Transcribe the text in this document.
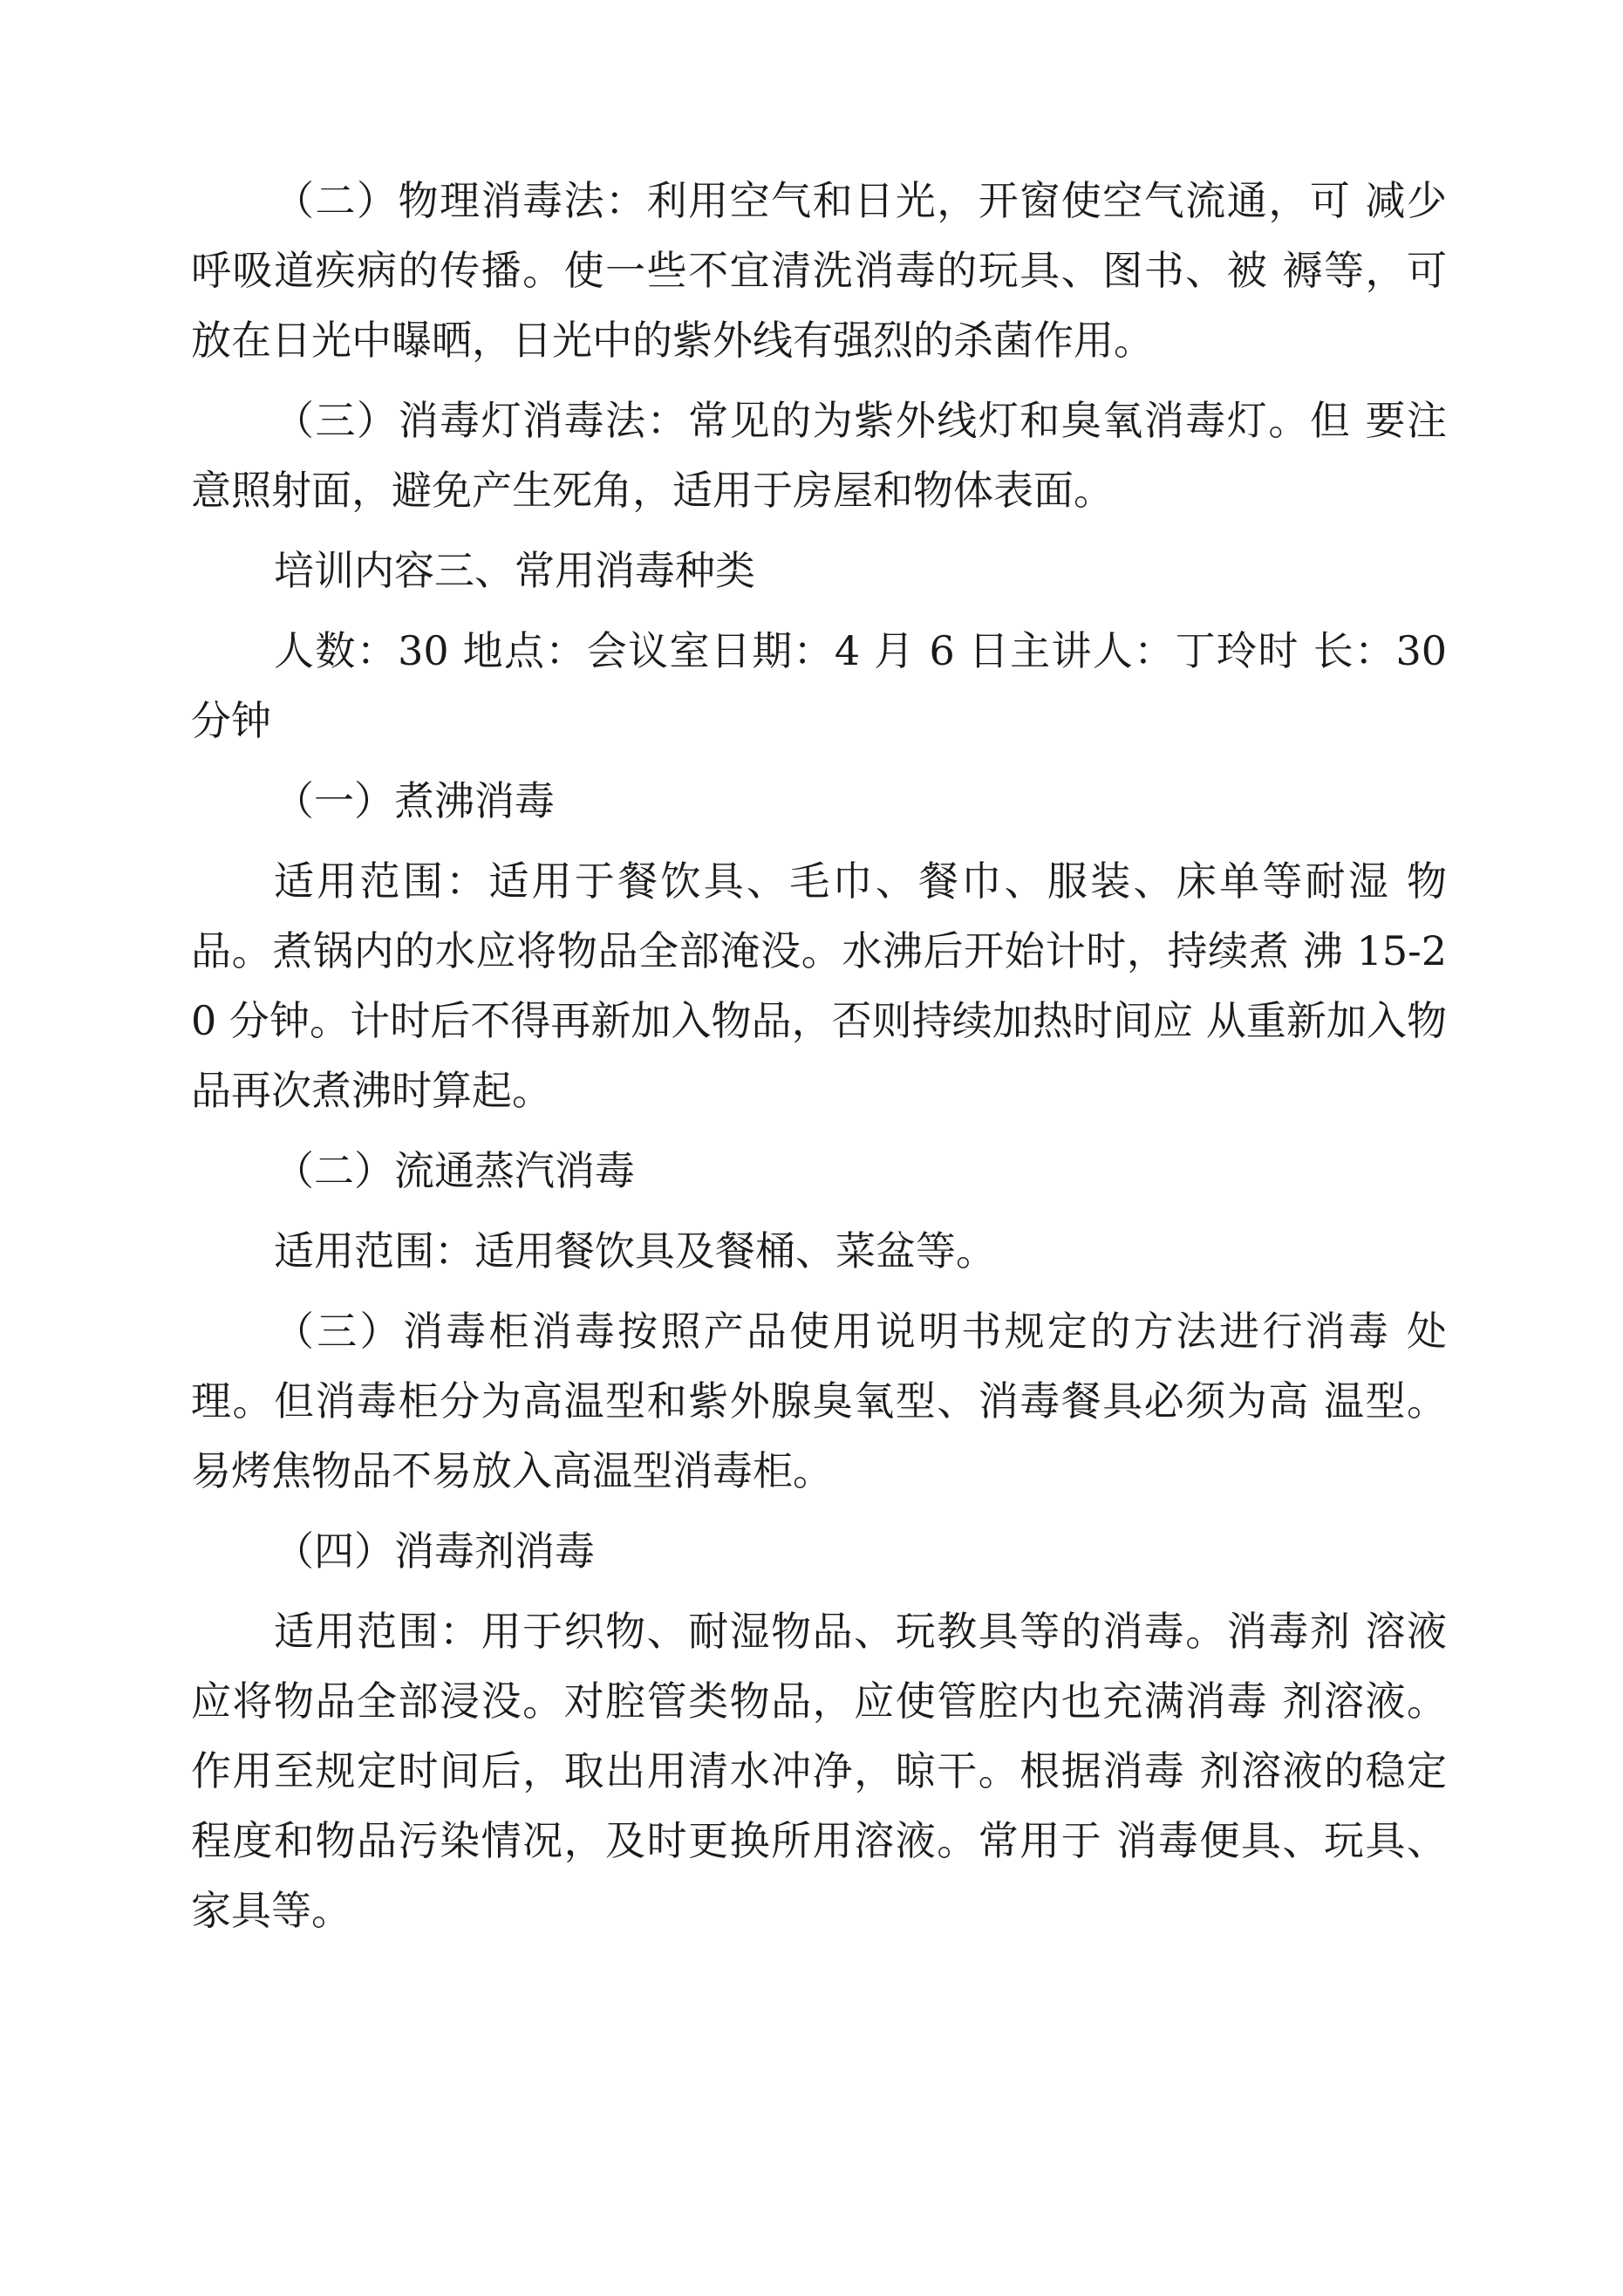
（二）物理消毒法：利用空气和日光，开窗使空气流通，可 减少呼吸道疾病的传播。使一些不宜清洗消毒的玩具、图书、被 褥等，可放在日光中曝晒，日光中的紫外线有强烈的杀菌作用。

（三）消毒灯消毒法：常见的为紫外线灯和臭氧消毒灯。但 要注意照射面，避免产生死角，适用于房屋和物体表面。

培训内容三、常用消毒种类

人数：30 地点：会议室日期：4 月 6 日主讲人：丁玲时 长：30 分钟

（一）煮沸消毒

适用范围：适用于餐饮具、毛巾、餐巾、服装、床单等耐湿 物品。煮锅内的水应将物品全部淹没。水沸后开始计时，持续煮 沸 15-20 分钟。计时后不得再新加入物品，否则持续加热时间应 从重新加入物品再次煮沸时算起。

（二）流通蒸汽消毒

适用范围：适用餐饮具及餐桶、菜盆等。

（三）消毒柜消毒按照产品使用说明书规定的方法进行消毒 处理。但消毒柜分为高温型和紫外腺臭氧型、消毒餐具必须为高 温型。易烤焦物品不易放入高温型消毒柜。

（四）消毒剂消毒

适用范围：用于织物、耐湿物品、玩教具等的消毒。消毒剂 溶液应将物品全部浸没。对腔管类物品，应使管腔内也充满消毒 剂溶液。作用至规定时间后，取出用清水冲净，晾干。根据消毒 剂溶液的稳定程度和物品污染情况，及时更换所用溶液。常用于 消毒便具、玩具、家具等。
